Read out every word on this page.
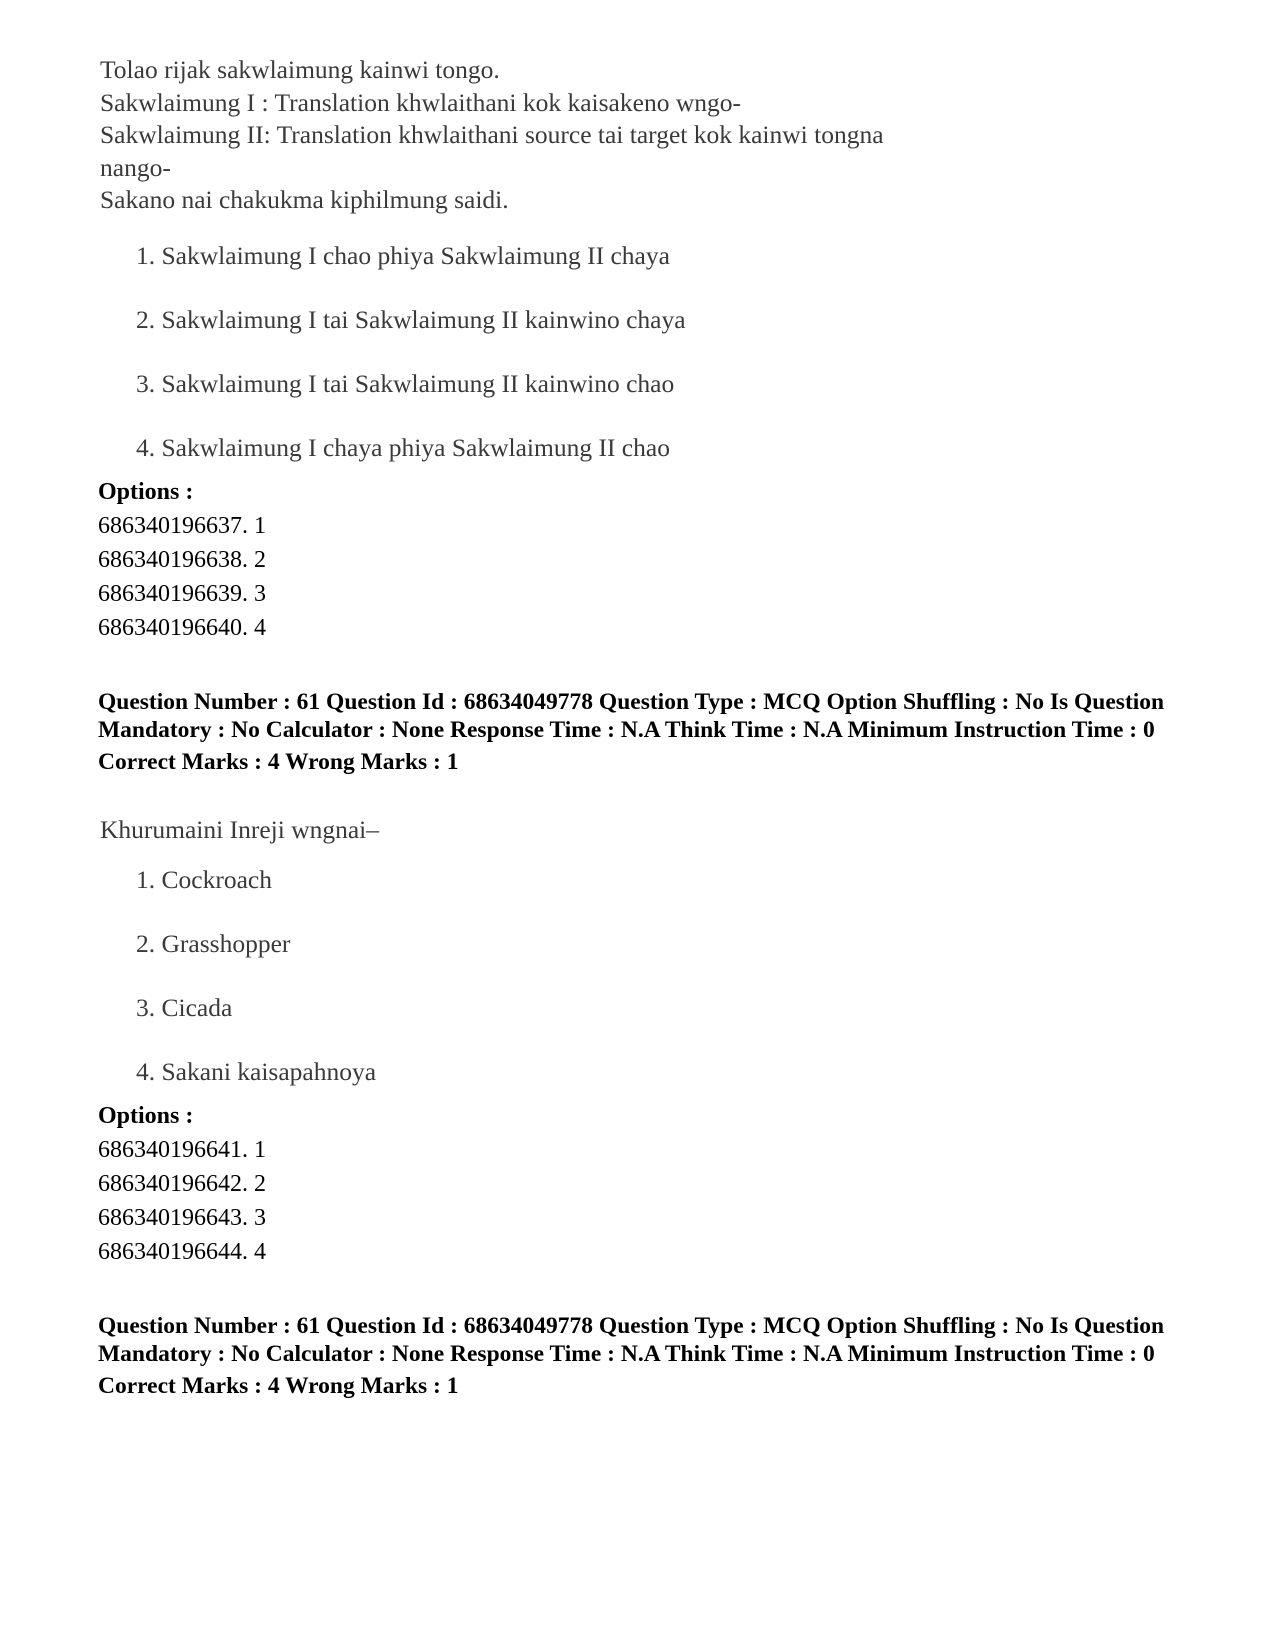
Tolao rijak sakwlaimung kainwi tongo.
Sakwlaimung I : Translation khwlaithani kok kaisakeno wngo-
Sakwlaimung II: Translation khwlaithani source tai target kok kainwi tongna
nango-
Sakano nai chakukma kiphilmung saidi.
1. Sakwlaimung I chao phiya Sakwlaimung II chaya
2. Sakwlaimung I tai Sakwlaimung II kainwino chaya
3. Sakwlaimung I tai Sakwlaimung II kainwino chao
4. Sakwlaimung I chaya phiya Sakwlaimung II chao
Options :
686340196637. 1
686340196638. 2
686340196639. 3
686340196640. 4
Question Number : 61 Question Id : 68634049778 Question Type : MCQ Option Shuffling : No Is Question Mandatory : No Calculator : None Response Time : N.A Think Time : N.A Minimum Instruction Time : 0
Correct Marks : 4 Wrong Marks : 1
Khurumaini Inreji wngnai–
1. Cockroach
2. Grasshopper
3. Cicada
4. Sakani kaisapahnoya
Options :
686340196641. 1
686340196642. 2
686340196643. 3
686340196644. 4
Question Number : 61 Question Id : 68634049778 Question Type : MCQ Option Shuffling : No Is Question Mandatory : No Calculator : None Response Time : N.A Think Time : N.A Minimum Instruction Time : 0
Correct Marks : 4 Wrong Marks : 1
